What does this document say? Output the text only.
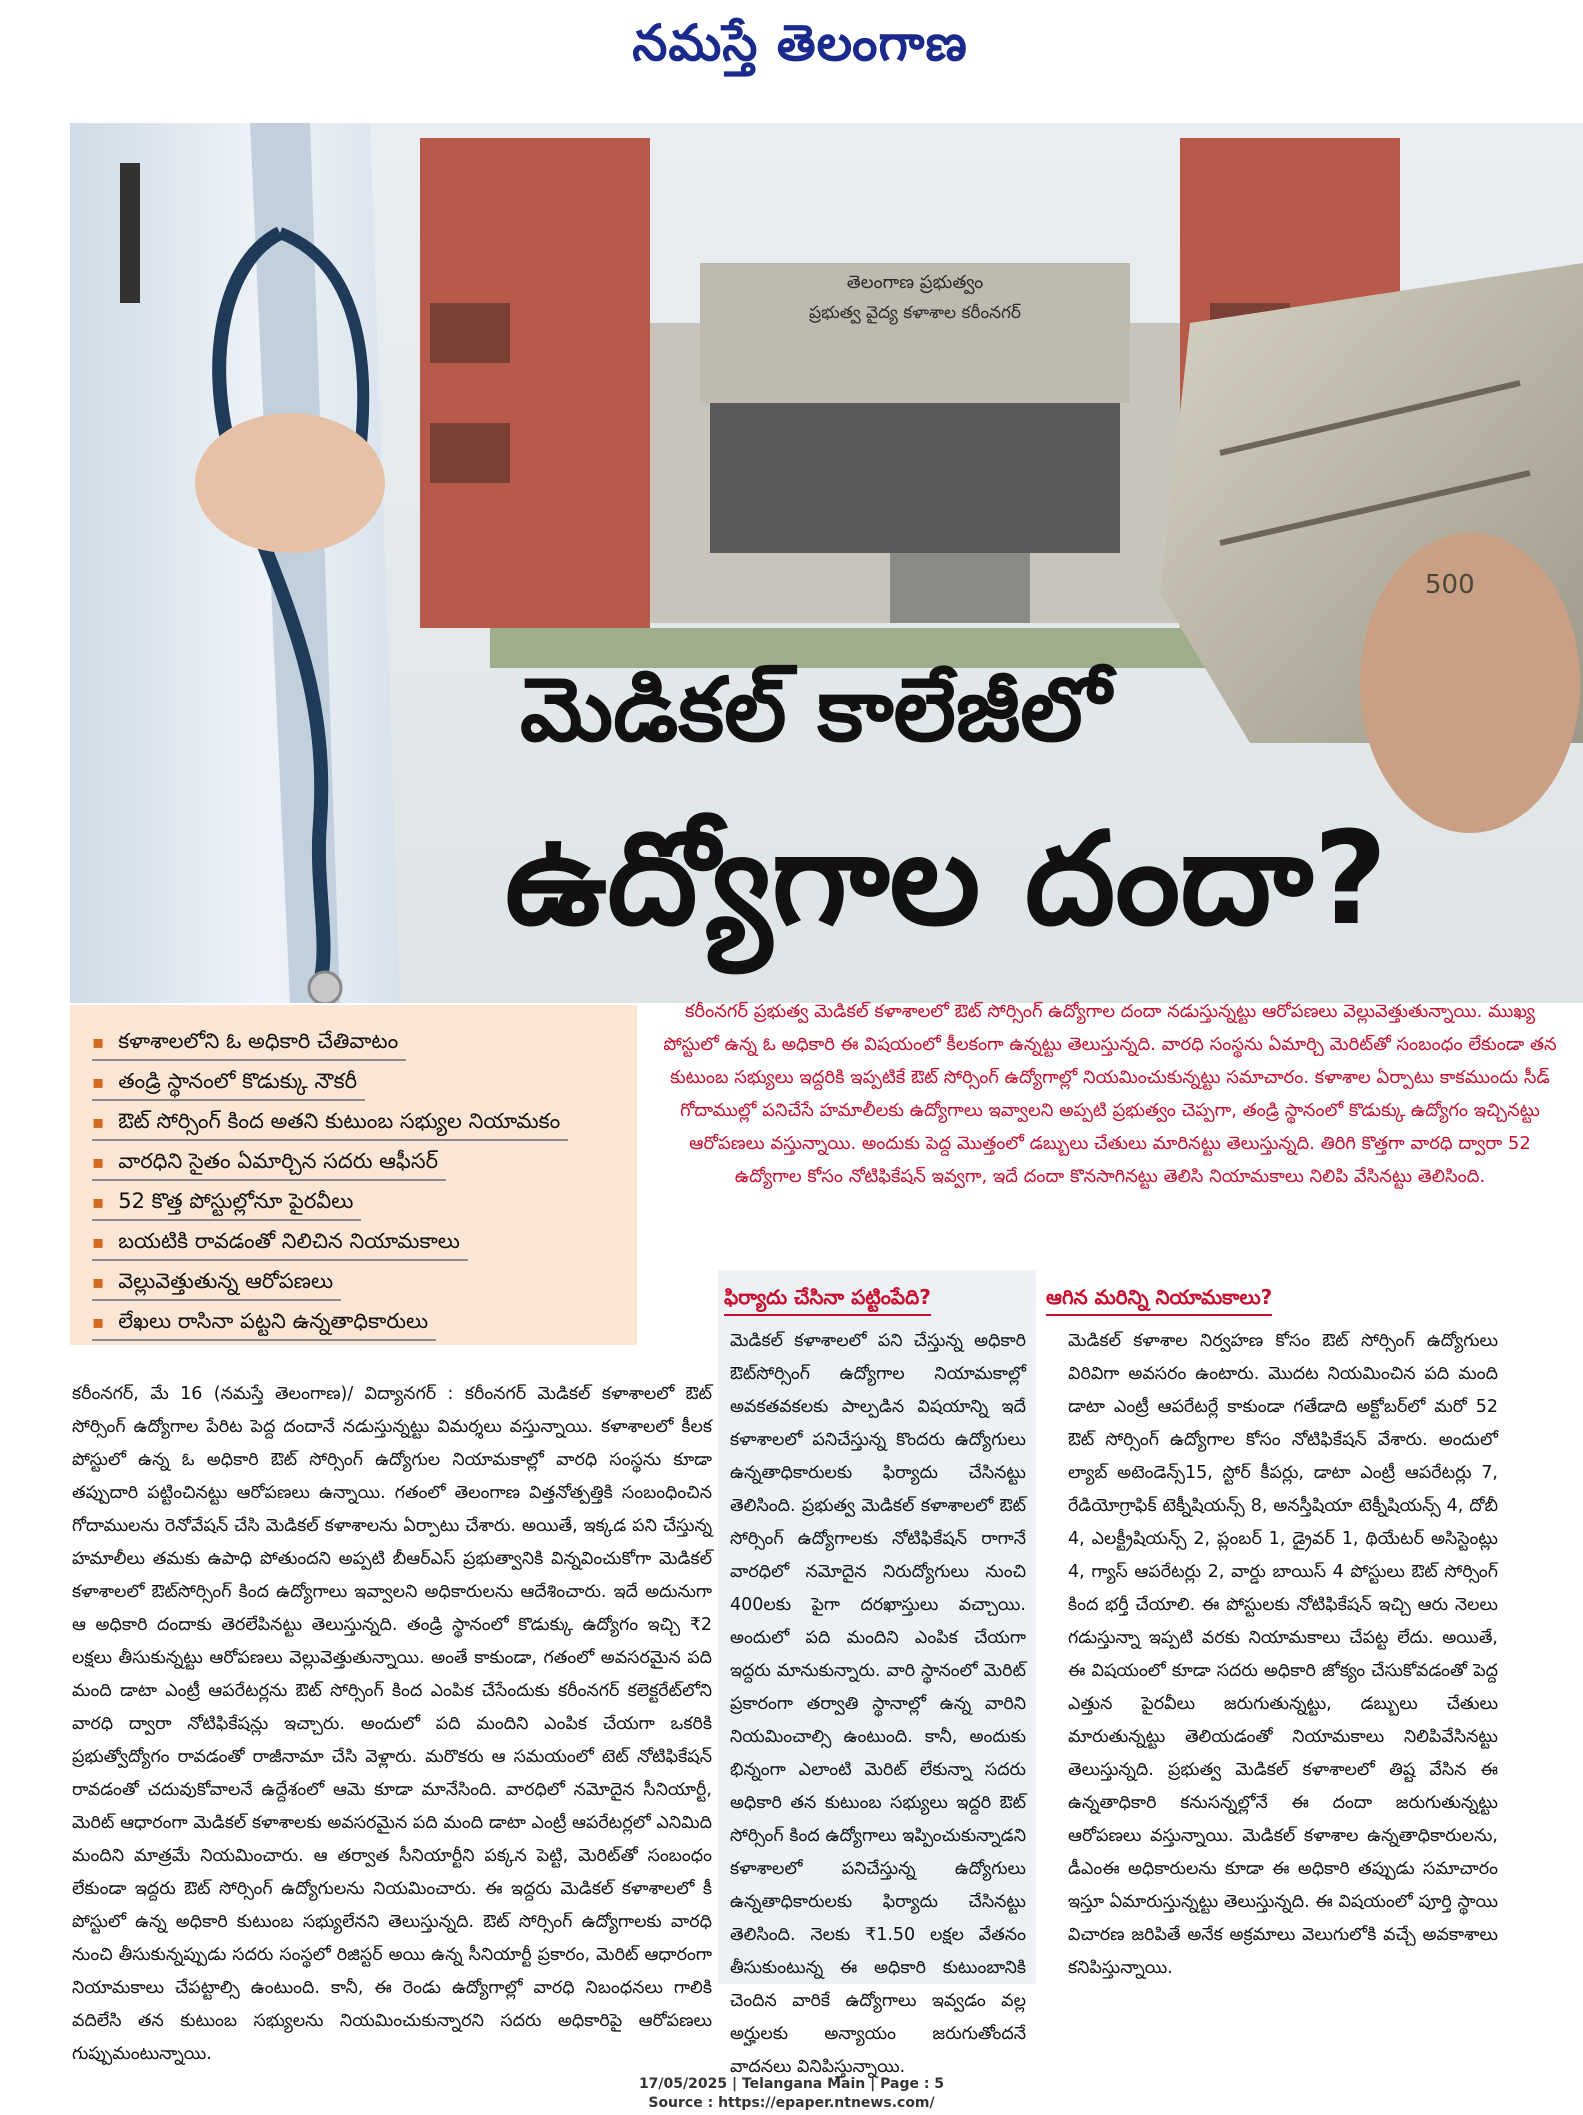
నమస్తే తెలంగాణ
తెలంగాణ ప్రభుత్వం
ప్రభుత్వ వైద్య కళాశాల కరీంనగర్
500
మెడికల్ కాలేజీలో
ఉద్యోగాల దందా?
▪ కళాశాలలోని ఓ అధికారి చేతివాటం
▪ తండ్రి స్థానంలో కొడుక్కు నౌకరీ
▪ ఔట్ సోర్సింగ్ కింద అతని కుటుంబ సభ్యుల నియామకం
▪ వారధిని సైతం ఏమార్చిన సదరు ఆఫీసర్
▪ 52 కొత్త పోస్టుల్లోనూ పైరవీలు
▪ బయటికి రావడంతో నిలిచిన నియామకాలు
▪ వెల్లువెత్తుతున్న ఆరోపణలు
▪ లేఖలు రాసినా పట్టని ఉన్నతాధికారులు
కరీంనగర్ ప్రభుత్వ మెడికల్ కళాశాలలో ఔట్ సోర్సింగ్ ఉద్యోగాల దందా నడుస్తున్నట్టు ఆరోపణలు వెల్లువెత్తుతున్నాయి. ముఖ్య పోస్టులో ఉన్న ఓ అధికారి ఈ విషయంలో కీలకంగా ఉన్నట్టు తెలుస్తున్నది. వారధి సంస్థను ఏమార్చి మెరిట్‌తో సంబంధం లేకుండా తన కుటుంబ సభ్యులు ఇద్దరికి ఇప్పటికే ఔట్ సోర్సింగ్ ఉద్యోగాల్లో నియమించుకున్నట్టు సమాచారం. కళాశాల ఏర్పాటు కాకముందు సీడ్ గోదాముల్లో పనిచేసే హమాలీలకు ఉద్యోగాలు ఇవ్వాలని అప్పటి ప్రభుత్వం చెప్పగా, తండ్రి స్థానంలో కొడుక్కు ఉద్యోగం ఇచ్చినట్టు ఆరోపణలు వస్తున్నాయి. అందుకు పెద్ద మొత్తంలో డబ్బులు చేతులు మారినట్టు తెలుస్తున్నది. తిరిగి కొత్తగా వారధి ద్వారా 52 ఉద్యోగాల కోసం నోటిఫికేషన్ ఇవ్వగా, ఇదే దందా కొనసాగినట్టు తెలిసి నియామకాలు నిలిపి వేసినట్టు తెలిసింది.
కరీంనగర్, మే 16 (నమస్తే తెలంగాణ)/ విద్యానగర్ : కరీంనగర్ మెడికల్ కళాశాలలో ఔట్ సోర్సింగ్ ఉద్యోగాల పేరిట పెద్ద దందానే నడుస్తున్నట్టు విమర్శలు వస్తున్నాయి. కళాశాలలో కీలక పోస్టులో ఉన్న ఓ అధికారి ఔట్ సోర్సింగ్ ఉద్యోగుల నియామకాల్లో వారధి సంస్థను కూడా తప్పుదారి పట్టించినట్టు ఆరోపణలు ఉన్నాయి. గతంలో తెలంగాణ విత్తనోత్పత్తికి సంబంధించిన గోదాములను రెనోవేషన్ చేసి మెడికల్ కళాశాలను ఏర్పాటు చేశారు. అయితే, ఇక్కడ పని చేస్తున్న హమాలీలు తమకు ఉపాధి పోతుందని అప్పటి బీఆర్‌ఎస్ ప్రభుత్వానికి విన్నవించుకోగా మెడికల్ కళాశాలలో ఔట్‌సోర్సింగ్ కింద ఉద్యోగాలు ఇవ్వాలని అధికారులను ఆదేశించారు. ఇదే అదునుగా ఆ అధికారి దందాకు తెరలేపినట్టు తెలుస్తున్నది. తండ్రి స్థానంలో కొడుక్కు ఉద్యోగం ఇచ్చి ₹2 లక్షలు తీసుకున్నట్టు ఆరోపణలు వెల్లువెత్తుతున్నాయి. అంతే కాకుండా, గతంలో అవసరమైన పది మంది డాటా ఎంట్రీ ఆపరేటర్లను ఔట్ సోర్సింగ్ కింద ఎంపిక చేసేందుకు కరీంనగర్ కలెక్టరేట్‌లోని వారధి ద్వారా నోటిఫికేషన్లు ఇచ్చారు. అందులో పది మందిని ఎంపిక చేయగా ఒకరికి ప్రభుత్వోద్యోగం రావడంతో రాజీనామా చేసి వెళ్లారు. మరొకరు ఆ సమయంలో టెట్ నోటిఫికేషన్ రావడంతో చదువుకోవాలనే ఉద్దేశంలో ఆమె కూడా మానేసింది. వారధిలో నమోదైన సీనియార్టీ, మెరిట్ ఆధారంగా మెడికల్ కళాశాలకు అవసరమైన పది మంది డాటా ఎంట్రీ ఆపరేటర్లలో ఎనిమిది మందిని మాత్రమే నియమించారు. ఆ తర్వాత సీనియార్టీని పక్కన పెట్టి, మెరిట్‌తో సంబంధం లేకుండా ఇద్దరు ఔట్ సోర్సింగ్ ఉద్యోగులను నియమించారు. ఈ ఇద్దరు మెడికల్ కళాశాలలో కీ పోస్టులో ఉన్న అధికారి కుటుంబ సభ్యులేనని తెలుస్తున్నది. ఔట్ సోర్సింగ్ ఉద్యోగాలకు వారధి నుంచి తీసుకున్నప్పుడు సదరు సంస్థలో రిజిస్టర్ అయి ఉన్న సీనియార్టీ ప్రకారం, మెరిట్ ఆధారంగా నియామకాలు చేపట్టాల్సి ఉంటుంది. కానీ, ఈ రెండు ఉద్యోగాల్లో వారధి నిబంధనలు గాలికి వదిలేసి తన కుటుంబ సభ్యులను నియమించుకున్నారని సదరు అధికారిపై ఆరోపణలు గుప్పుమంటున్నాయి.
ఫిర్యాదు చేసినా పట్టింపేది?
మెడికల్ కళాశాలలో పని చేస్తున్న అధికారి ఔట్‌సోర్సింగ్ ఉద్యోగాల నియామకాల్లో అవకతవకలకు పాల్పడిన విషయాన్ని ఇదే కళాశాలలో పనిచేస్తున్న కొందరు ఉద్యోగులు ఉన్నతాధికారులకు ఫిర్యాదు చేసినట్టు తెలిసింది. ప్రభుత్వ మెడికల్ కళాశాలలో ఔట్ సోర్సింగ్ ఉద్యోగాలకు నోటిఫికేషన్ రాగానే వారధిలో నమోదైన నిరుద్యోగులు నుంచి 400లకు పైగా దరఖాస్తులు వచ్చాయి. అందులో పది మందిని ఎంపిక చేయగా ఇద్దరు మానుకున్నారు. వారి స్థానంలో మెరిట్ ప్రకారంగా తర్వాతి స్థానాల్లో ఉన్న వారిని నియమించాల్సి ఉంటుంది. కానీ, అందుకు భిన్నంగా ఎలాంటి మెరిట్ లేకున్నా సదరు అధికారి తన కుటుంబ సభ్యులు ఇద్దరి ఔట్ సోర్సింగ్ కింద ఉద్యోగాలు ఇప్పించుకున్నాడని కళాశాలలో పనిచేస్తున్న ఉద్యోగులు ఉన్నతాధికారులకు ఫిర్యాదు చేసినట్టు తెలిసింది. నెలకు ₹1.50 లక్షల వేతనం తీసుకుంటున్న ఈ అధికారి కుటుంబానికి చెందిన వారికే ఉద్యోగాలు ఇవ్వడం వల్ల అర్హులకు అన్యాయం జరుగుతోందనే వాదనలు వినిపిస్తున్నాయి.
ఆగిన మరిన్ని నియామకాలు?
మెడికల్ కళాశాల నిర్వహణ కోసం ఔట్ సోర్సింగ్ ఉద్యోగులు విరివిగా అవసరం ఉంటారు. మొదట నియమించిన పది మంది డాటా ఎంట్రీ ఆపరేటర్లే కాకుండా గతేడాది అక్టోబర్‌లో మరో 52 ఔట్ సోర్సింగ్ ఉద్యోగాల కోసం నోటిఫికేషన్ వేశారు. అందులో ల్యాబ్ అటెండెన్స్15, స్టోర్ కీపర్లు, డాటా ఎంట్రీ ఆపరేటర్లు 7, రేడియోగ్రాఫిక్ టెక్నీషియన్స్ 8, అనస్తీషియా టెక్నీషియన్స్ 4, దోబీ 4, ఎలక్ట్రీషియన్స్ 2, ప్లంబర్ 1, డ్రైవర్ 1, థియేటర్ అసిస్టెంట్లు 4, గ్యాస్ ఆపరేటర్లు 2, వార్డు బాయిస్ 4 పోస్టులు ఔట్ సోర్సింగ్ కింద భర్తీ చేయాలి. ఈ పోస్టులకు నోటిఫికేషన్ ఇచ్చి ఆరు నెలలు గడుస్తున్నా ఇప్పటి వరకు నియామకాలు చేపట్ట లేదు. అయితే, ఈ విషయంలో కూడా సదరు అధికారి జోక్యం చేసుకోవడంతో పెద్ద ఎత్తున పైరవీలు జరుగుతున్నట్టు, డబ్బులు చేతులు మారుతున్నట్టు తెలియడంతో నియామకాలు నిలిపివేసినట్టు తెలుస్తున్నది. ప్రభుత్వ మెడికల్ కళాశాలలో తిష్ట వేసిన ఈ ఉన్నతాధికారి కనుసన్నల్లోనే ఈ దందా జరుగుతున్నట్టు ఆరోపణలు వస్తున్నాయి. మెడికల్ కళాశాల ఉన్నతాధికారులను, డీఎంఈ అధికారులను కూడా ఈ అధికారి తప్పుడు సమాచారం ఇస్తూ ఏమారుస్తున్నట్టు తెలుస్తున్నది. ఈ విషయంలో పూర్తి స్థాయి విచారణ జరిపితే అనేక అక్రమాలు వెలుగులోకి వచ్చే అవకాశాలు కనిపిస్తున్నాయి.
17/05/2025 | Telangana Main | Page : 5
Source : https://epaper.ntnews.com/
